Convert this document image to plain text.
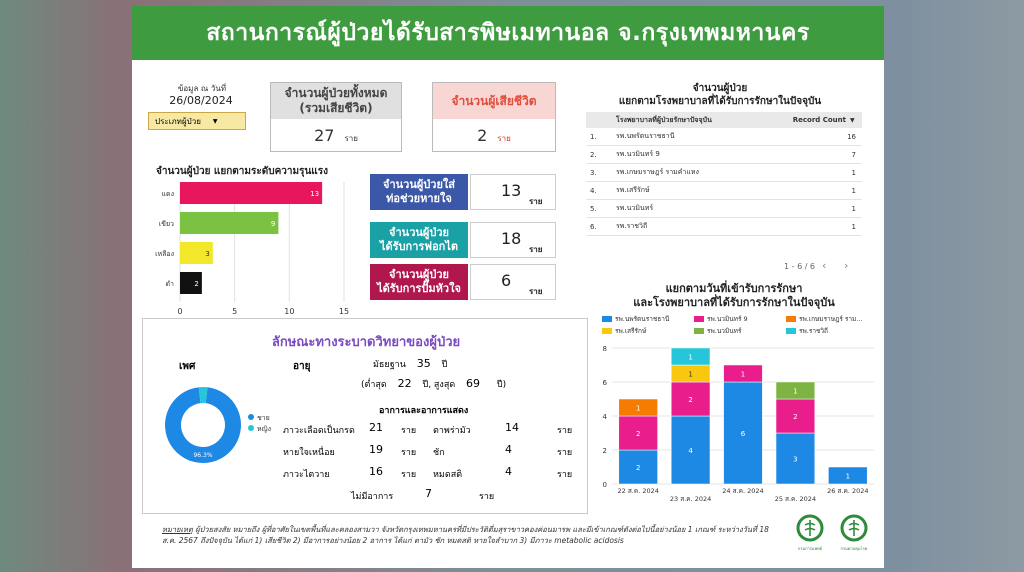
สถานการณ์ผู้ป่วยได้รับสารพิษเมทานอล จ.กรุงเทพมหานคร
ข้อมูล ณ วันที่
26/08/2024
ประเภทผู้ป่วย ▼
จำนวนผู้ป่วยทั้งหมด
(รวมเสียชีวิต)
27 ราย
จำนวนผู้เสียชีวิต
2 ราย
จำนวนผู้ป่วย แยกตามระดับความรุนแรง
0	5	10	15
แดง	13
เขียว	9
เหลือง	3
ดำ	2
จำนวนผู้ป่วยใส่
ท่อช่วยหายใจ	13
ราย
จำนวนผู้ป่วย
ได้รับการฟอกไต	18
ราย
จำนวนผู้ป่วย
ได้รับการปั๊มหัวใจ	6
ราย
จำนวนผู้ป่วย
แยกตามโรงพยาบาลที่ได้รับการรักษาในปัจจุบัน
โรงพยาบาลที่ผู้ป่วยรักษาปัจจุบัน	Record Count ▼
1.	รพ.นพรัตนราชธานี	16
2.	รพ.นวมินทร์ 9	7
3.	รพ.เกษมราษฎร์ รามคำแหง	1
4.	รพ.เสรีรักษ์	1
5.	รพ.นวมินทร์	1
6.	รพ.ราชวิถี	1
1 - 6 / 6 ‹ ›
ลักษณะทางระบาดวิทยาของผู้ป่วย
เพศ
96.3%
ชาย
หญิง
อายุ	มัธยฐาน 35 ปี
(ต่ำสุด 22 ปี, สูงสุด 69 ปี)
อาการและอาการแสดง
ภาวะเลือดเป็นกรด 21 ราย ตาพร่ามัว	14	ราย
หายใจเหนื่อย	19 ราย ชัก	4	ราย
ภาวะไตวาย	16 ราย หมดสติ	4	ราย
ไม่มีอาการ	7	ราย
แยกตามวันที่เข้ารับการรักษา
และโรงพยาบาลที่ได้รับการรักษาในปัจจุบัน
รพ.นพรัตนราชธานี	รพ.นวมินทร์ 9	รพ.เกษมราษฎร์ ราม...
รพ.เสรีรักษ์	รพ.นวมินทร์	รพ.ราชวิถี
0
2
4
6
8
2
2
1
22 ส.ค. 2024
4
2
1
1
23 ส.ค. 2024
6
1
24 ส.ค. 2024
3
2
1
25 ส.ค. 2024
1
26 ส.ค. 2024
หมายเหตุ ผู้ป่วยสงสัย หมายถึง ผู้ที่อาศัยในเขตพื้นที่และคลองสามวา จังหวัดกรุงเทพมหานครที่มีประวัติดื่มสุราขาวคองค่อนมารพ และมีเข้าเกณฑ์ดังต่อไปนี้อย่างน้อย 1 เกณฑ์ ระหว่างวันที่ 18 ส.ค. 2567 ถึงปัจจุบัน ได้แก่ 1) เสียชีวิต 2) มีอาการอย่างน้อย 2 อาการ ได้แก่ ตามัว ชัก หมดสติ หายใจลำบาก 3) มีภาวะ metabolic acidosis
กรมการแพทย์	กรมควบคุมโรค
